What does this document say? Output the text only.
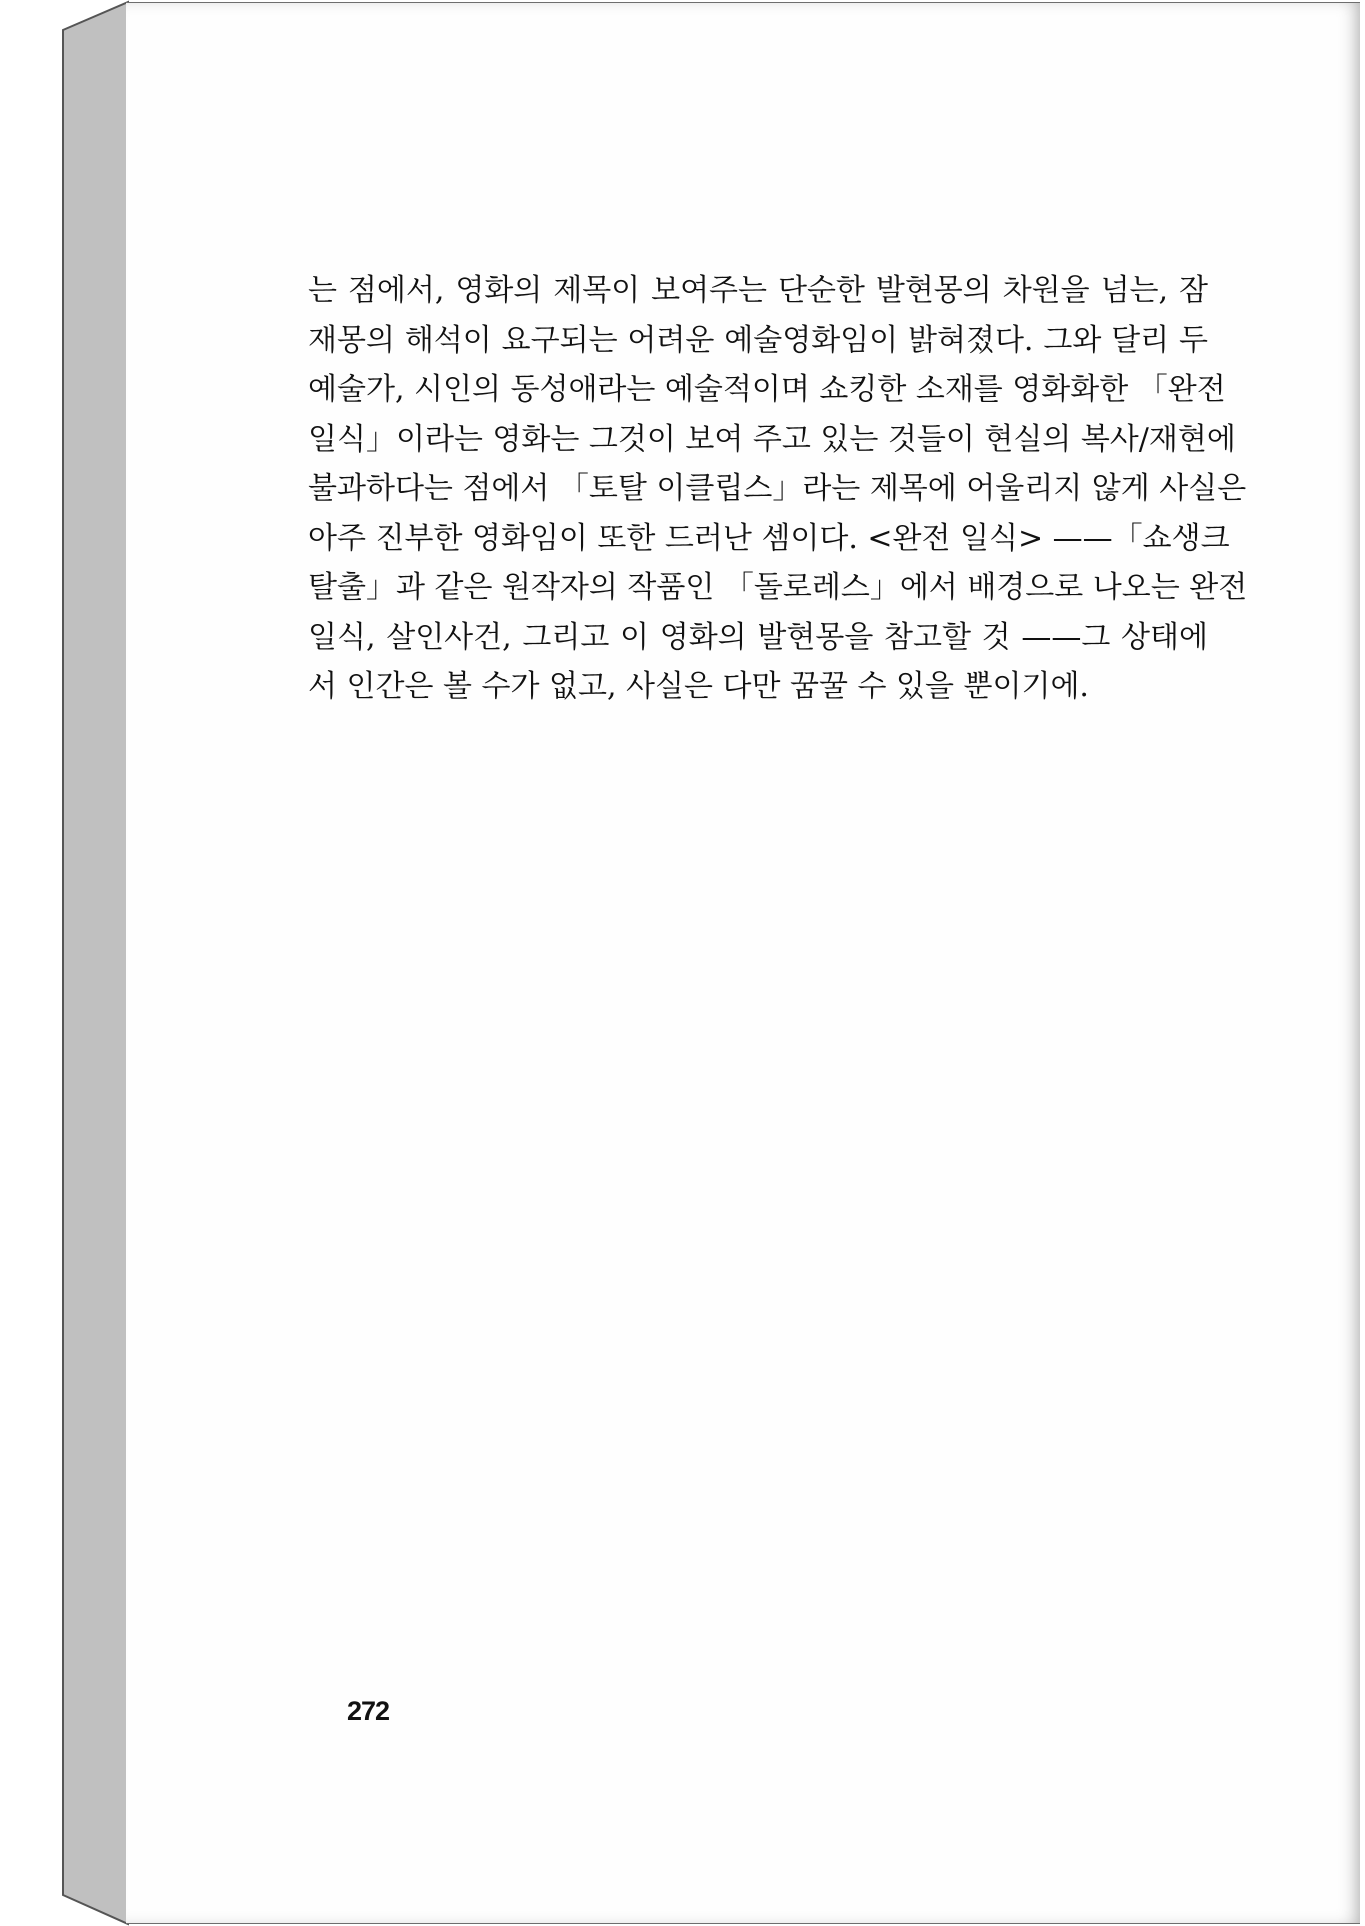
는 점에서, 영화의 제목이 보여주는 단순한 발현몽의 차원을 넘는, 잠
재몽의 해석이 요구되는 어려운 예술영화임이 밝혀졌다. 그와 달리 두
예술가, 시인의 동성애라는 예술적이며 쇼킹한 소재를 영화화한 「완전
일식」이라는 영화는 그것이 보여 주고 있는 것들이 현실의 복사/재현에
불과하다는 점에서 「토탈 이클립스」라는 제목에 어울리지 않게 사실은
아주 진부한 영화임이 또한 드러난 셈이다. <완전 일식> ——「쇼생크
탈출」과 같은 원작자의 작품인 「돌로레스」에서 배경으로 나오는 완전
일식, 살인사건, 그리고 이 영화의 발현몽을 참고할 것 ——그 상태에
서 인간은 볼 수가 없고, 사실은 다만 꿈꿀 수 있을 뿐이기에.
272
